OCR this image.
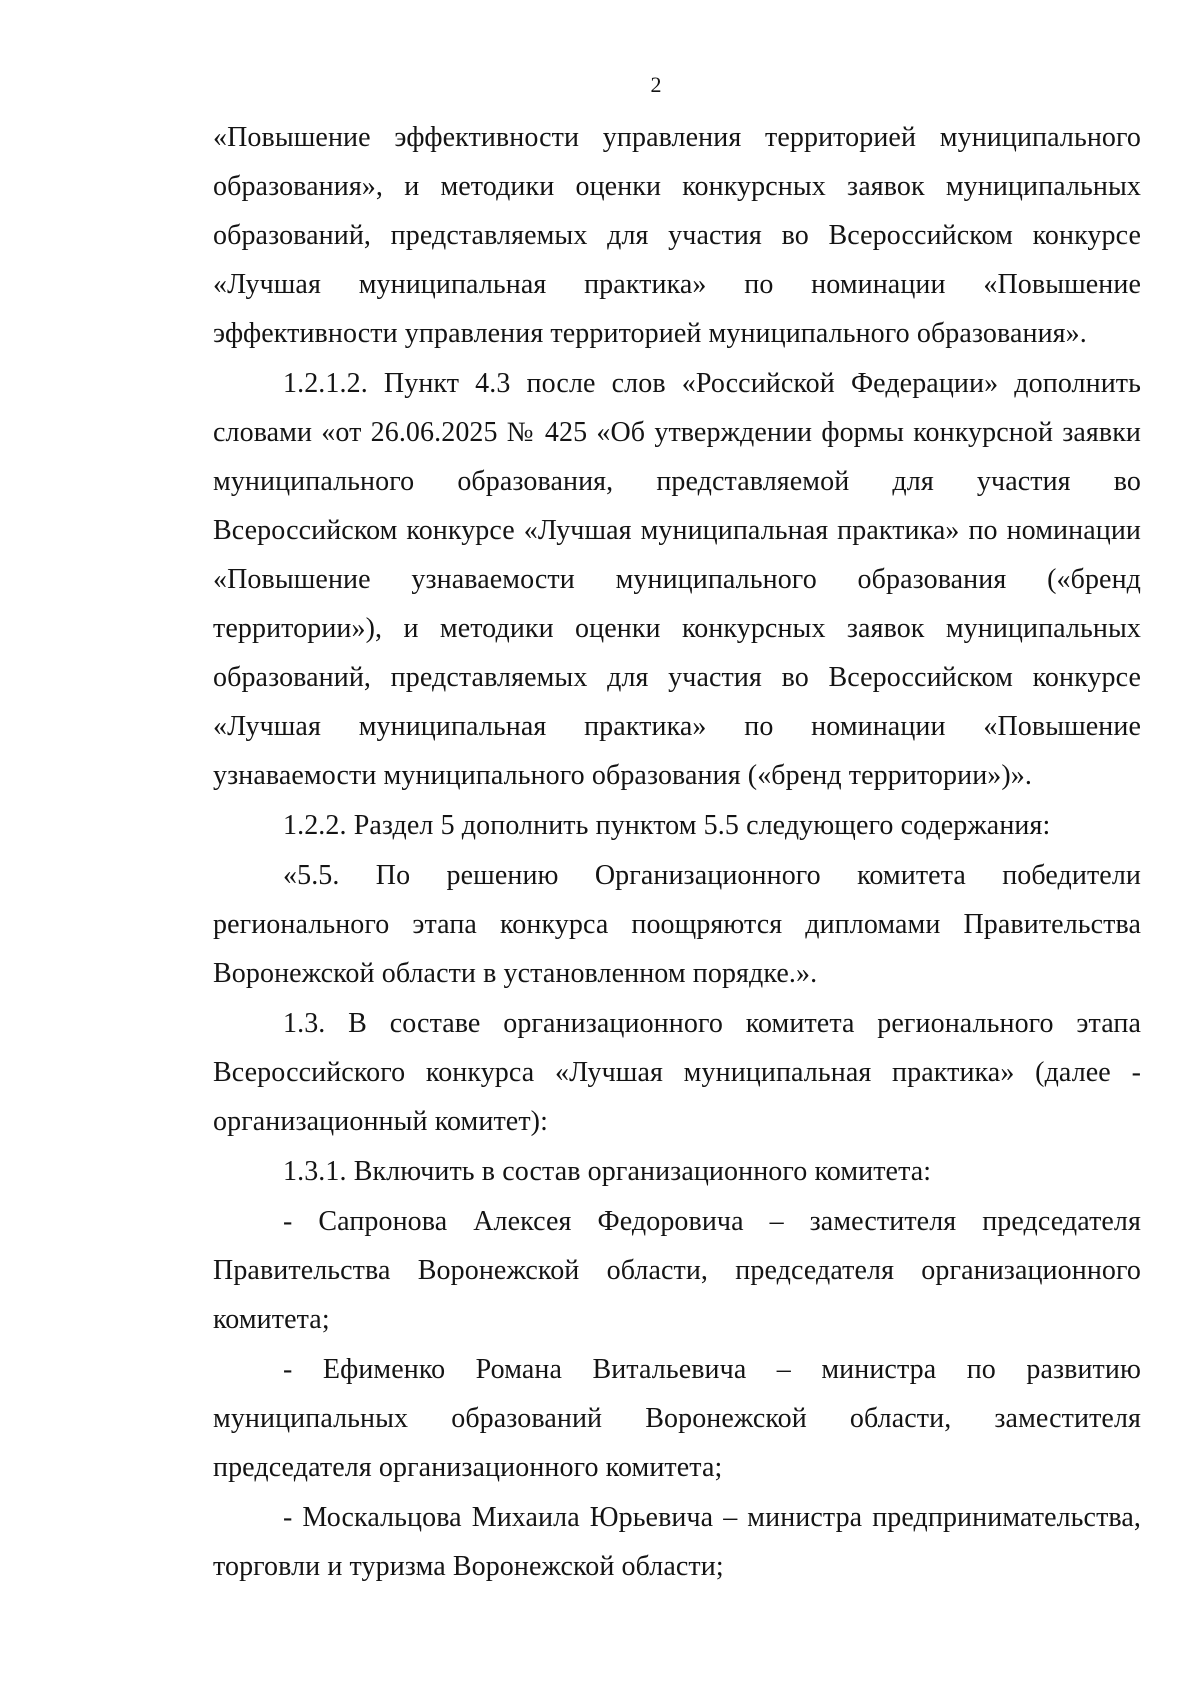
2

«Повышение эффективности управления территорией муниципального образования», и методики оценки конкурсных заявок муниципальных образований, представляемых для участия во Всероссийском конкурсе «Лучшая муниципальная практика» по номинации «Повышение эффективности управления территорией муниципального образования».

1.2.1.2. Пункт 4.3 после слов «Российской Федерации» дополнить словами «от 26.06.2025 № 425 «Об утверждении формы конкурсной заявки муниципального образования, представляемой для участия во Всероссийском конкурсе «Лучшая муниципальная практика» по номинации «Повышение узнаваемости муниципального образования («бренд территории»), и методики оценки конкурсных заявок муниципальных образований, представляемых для участия во Всероссийском конкурсе «Лучшая муниципальная практика» по номинации «Повышение узнаваемости муниципального образования («бренд территории»)».

1.2.2. Раздел 5 дополнить пунктом 5.5 следующего содержания:

«5.5. По решению Организационного комитета победители регионального этапа конкурса поощряются дипломами Правительства Воронежской области в установленном порядке.».

1.3. В составе организационного комитета регионального этапа Всероссийского конкурса «Лучшая муниципальная практика» (далее - организационный комитет):

1.3.1. Включить в состав организационного комитета:

- Сапронова Алексея Федоровича – заместителя председателя Правительства Воронежской области, председателя организационного комитета;

- Ефименко Романа Витальевича – министра по развитию муниципальных образований Воронежской области, заместителя председателя организационного комитета;

- Москальцова Михаила Юрьевича – министра предпринимательства, торговли и туризма Воронежской области;
